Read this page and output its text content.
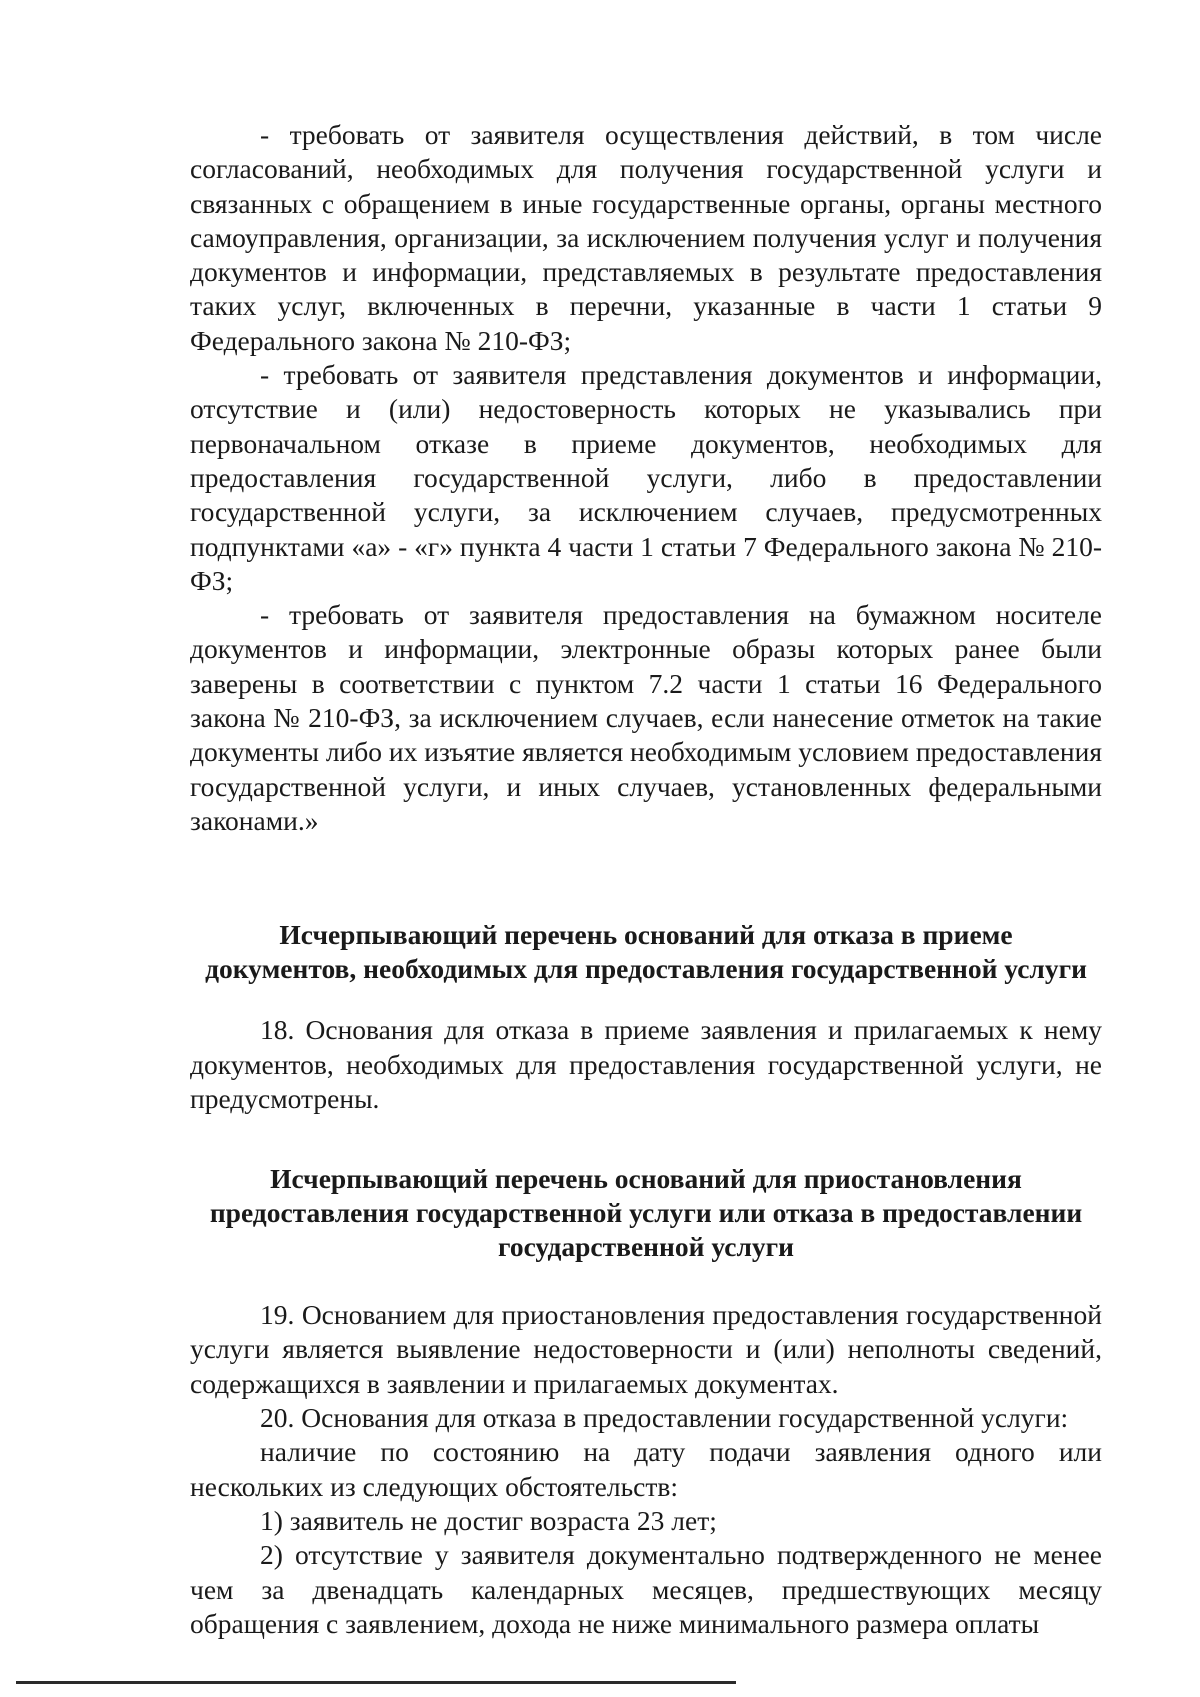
- требовать от заявителя осуществления действий, в том числе согласований, необходимых для получения государственной услуги и связанных с обращением в иные государственные органы, органы местного самоуправления, организации, за исключением получения услуг и получения документов и информации, представляемых в результате предоставления таких услуг, включенных в перечни, указанные в части 1 статьи 9 Федерального закона № 210-ФЗ;

- требовать от заявителя представления документов и информации, отсутствие и (или) недостоверность которых не указывались при первоначальном отказе в приеме документов, необходимых для предоставления государственной услуги, либо в предоставлении государственной услуги, за исключением случаев, предусмотренных подпунктами «а» - «г» пункта 4 части 1 статьи 7 Федерального закона № 210-ФЗ;

- требовать от заявителя предоставления на бумажном носителе документов и информации, электронные образы которых ранее были заверены в соответствии с пунктом 7.2 части 1 статьи 16 Федерального закона № 210-ФЗ, за исключением случаев, если нанесение отметок на такие документы либо их изъятие является необходимым условием предоставления государственной услуги, и иных случаев, установленных федеральными законами.»

Исчерпывающий перечень оснований для отказа в приеме
документов, необходимых для предоставления государственной услуги

18. Основания для отказа в приеме заявления и прилагаемых к нему документов, необходимых для предоставления государственной услуги, не предусмотрены.

Исчерпывающий перечень оснований для приостановления
предоставления государственной услуги или отказа в предоставлении
государственной услуги

19. Основанием для приостановления предоставления государственной услуги является выявление недостоверности и (или) неполноты сведений, содержащихся в заявлении и прилагаемых документах.

20. Основания для отказа в предоставлении государственной услуги:

наличие по состоянию на дату подачи заявления одного или нескольких из следующих обстоятельств:

1) заявитель не достиг возраста 23 лет;

2) отсутствие у заявителя документально подтвержденного не менее чем за двенадцать календарных месяцев, предшествующих месяцу обращения с заявлением, дохода не ниже минимального размера оплаты
